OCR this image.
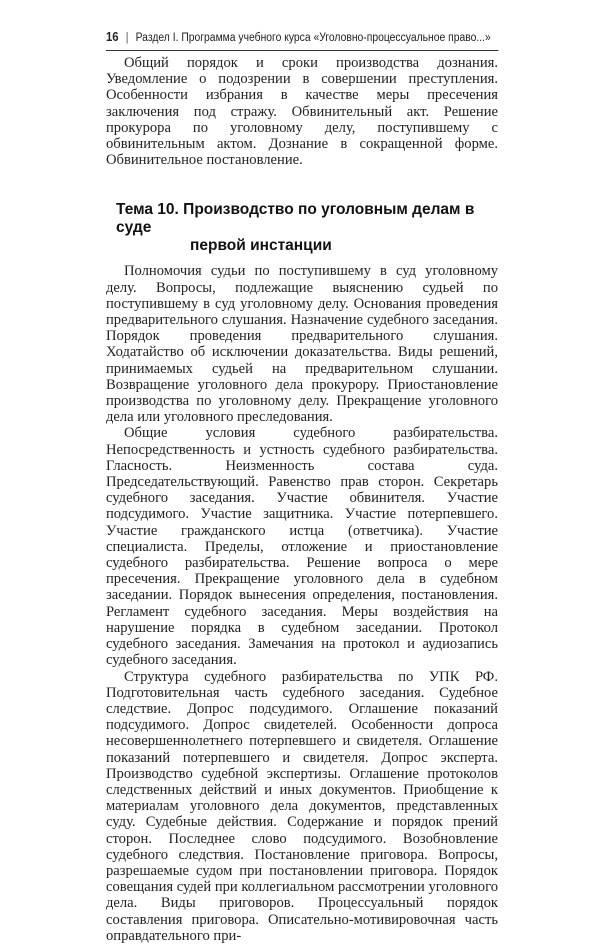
16 | Раздел I. Программа учебного курса «Уголовно-процессуальное право...»

Общий порядок и сроки производства дознания. Уведомление о подозрении в совершении преступления. Особенности избрания в качестве меры пресечения заключения под стражу. Обвинительный акт. Решение прокурора по уголовному делу, поступившему с обвинительным актом. Дознание в сокращенной форме. Обвинительное постановление.

Тема 10. Производство по уголовным делам в суде
первой инстанции

Полномочия судьи по поступившему в суд уголовному делу. Вопросы, подлежащие выяснению судьей по поступившему в суд уголовному делу. Основания проведения предварительного слушания. Назначение судебного заседания. Порядок проведения предварительного слушания. Ходатайство об исключении доказательства. Виды решений, принимаемых судьей на предварительном слушании. Возвращение уголовного дела прокурору. Приостановление производства по уголовному делу. Прекращение уголовного дела или уголовного преследования.

Общие условия судебного разбирательства. Непосредственность и устность судебного разбирательства. Гласность. Неизменность состава суда. Председательствующий. Равенство прав сторон. Секретарь судебного заседания. Участие обвинителя. Участие подсудимого. Участие защитника. Участие потерпевшего. Участие гражданского истца (ответчика). Участие специалиста. Пределы, отложение и приостановление судебного разбирательства. Решение вопроса о мере пресечения. Прекращение уголовного дела в судебном заседании. Порядок вынесения определения, постановления. Регламент судебного заседания. Меры воздействия на нарушение порядка в судебном заседании. Протокол судебного заседания. Замечания на протокол и аудиозапись судебного заседания.

Структура судебного разбирательства по УПК РФ. Подготовительная часть судебного заседания. Судебное следствие. Допрос подсудимого. Оглашение показаний подсудимого. Допрос свидетелей. Особенности допроса несовершеннолетнего потерпевшего и свидетеля. Оглашение показаний потерпевшего и свидетеля. Допрос эксперта. Производство судебной экспертизы. Оглашение протоколов следственных действий и иных документов. Приобщение к материалам уголовного дела документов, представленных суду. Судебные действия. Содержание и порядок прений сторон. Последнее слово подсудимого. Возобновление судебного следствия. Постановление приговора. Вопросы, разрешаемые судом при постановлении приговора. Порядок совещания судей при коллегиальном рассмотрении уголовного дела. Виды приговоров. Процессуальный порядок составления приговора. Описательно-мотивировочная часть оправдательного при-
